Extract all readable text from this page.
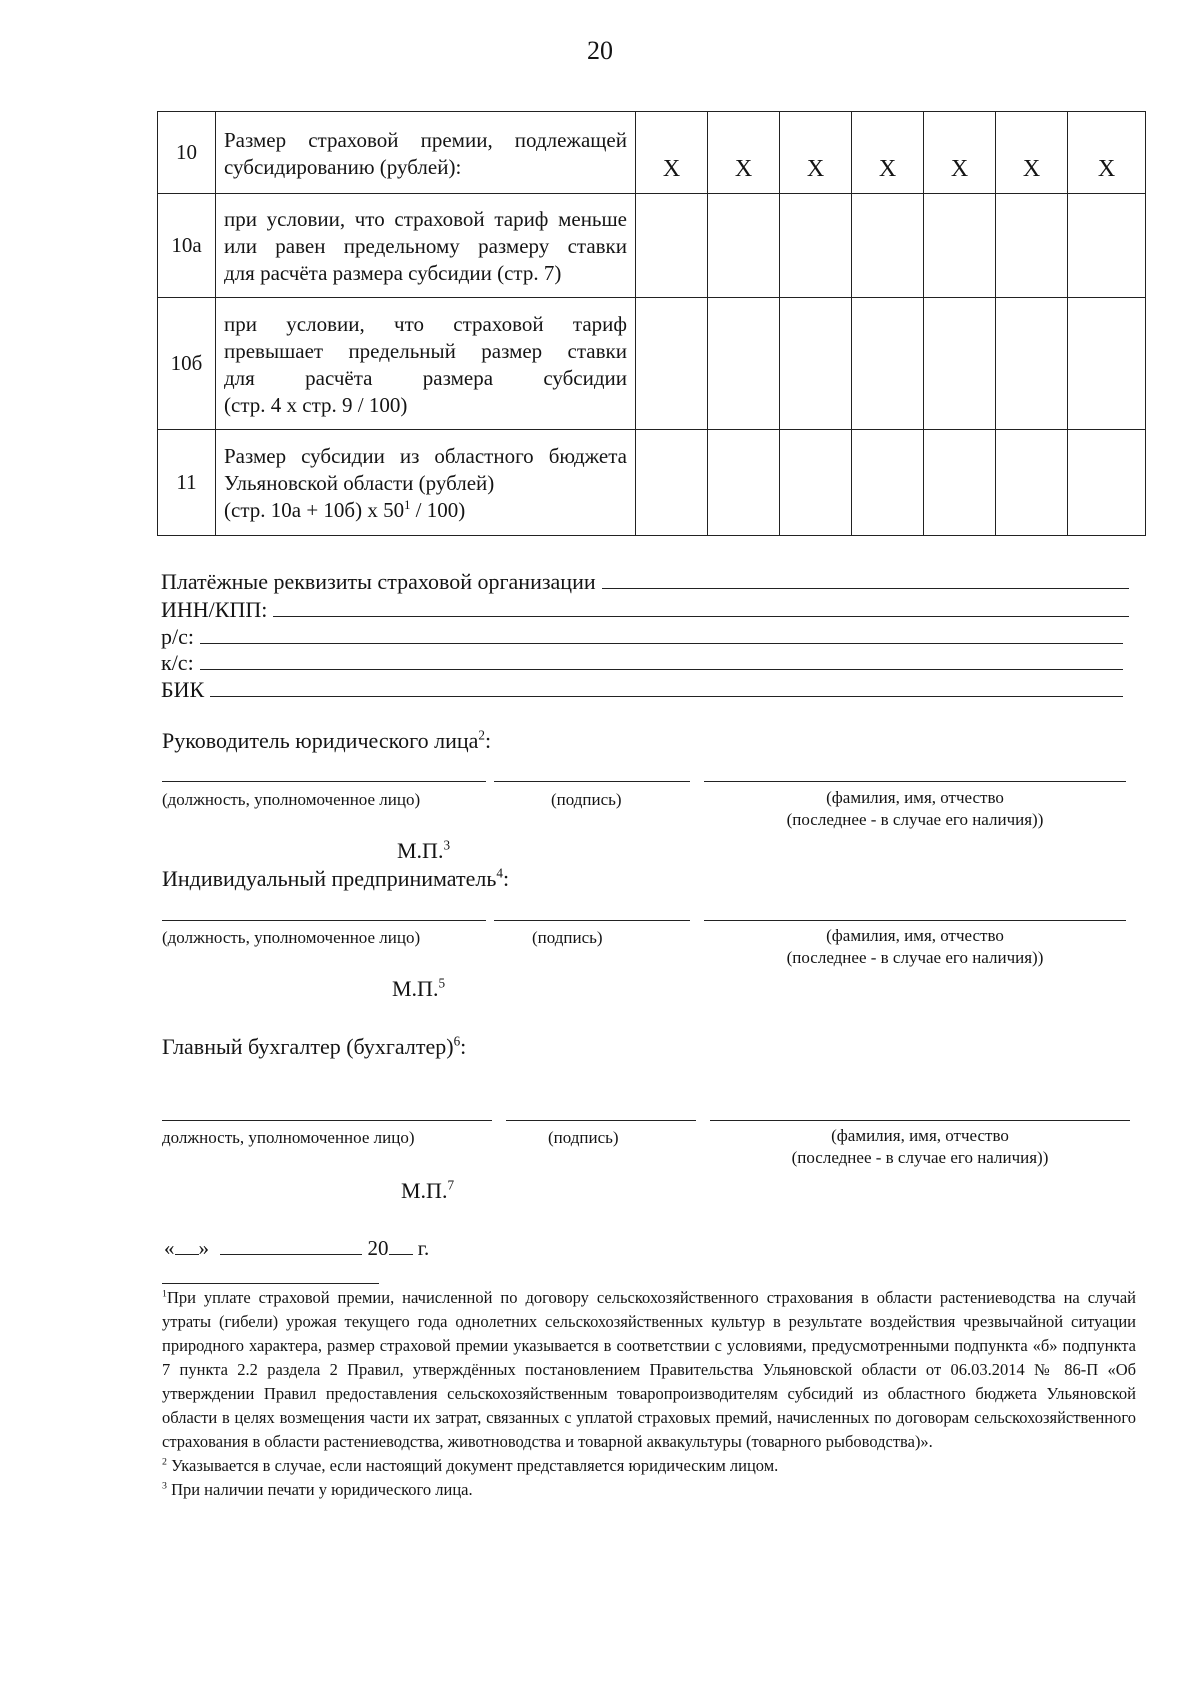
20
10	Размер страховой премии, подлежащей
субсидированию (рублей):	X	X	X	X	X	X	X
10а	при условии, что страховой тариф меньше
или равен предельному размеру ставки
для расчёта размера субсидии (стр. 7)							

10б	при условии, что страховой тариф
превышает предельный размер ставки
для расчёта размера субсидии
(стр. 4 x стр. 9 / 100)							

11	Размер субсидии из областного бюджета
Ульяновской области (рублей)
(стр. 10а + 10б) x $50^1 / 100$)							

Платёжные реквизиты страховой организации
ИНН/КПП:
р/с:
к/с:
БИК
Руководитель юридического лица$^2$:
(должность, уполномоченное лицо)	(подпись)	(фамилия, имя, отчество
(последнее - в случае его наличия))
М.П.$^3$
Индивидуальный предприниматель$^4$:
(должность, уполномоченное лицо)	(подпись)	(фамилия, имя, отчество
(последнее - в случае его наличия))
М.П.$^5$
Главный бухгалтер (бухгалтер)$^6$:
должность, уполномоченное лицо)	(подпись)	(фамилия, имя, отчество
(последнее - в случае его наличия))
М.П.$^7$
« »	20 г.

$^1$При уплате страховой премии, начисленной по договору сельскохозяйственного страхования в области растениеводства на случай утраты (гибели) урожая текущего года однолетних сельскохозяйственных культур в результате воздействия чрезвычайной ситуации природного характера, размер страховой премии указывается в соответствии с условиями, предусмотренными подпункта «б» подпункта 7 пункта 2.2 раздела 2 Правил, утверждённых постановлением Правительства Ульяновской области от 06.03.2014 № 86-П «Об утверждении Правил предоставления сельскохозяйственным товаропроизводителям субсидий из областного бюджета Ульяновской области в целях возмещения части их затрат, связанных с уплатой страховых премий, начисленных по договорам сельскохозяйственного страхования в области растениеводства, животноводства и товарной аквакультуры (товарного рыбоводства)».

$^2$ Указывается в случае, если настоящий документ представляется юридическим лицом.

$^3$ При наличии печати у юридического лица.
